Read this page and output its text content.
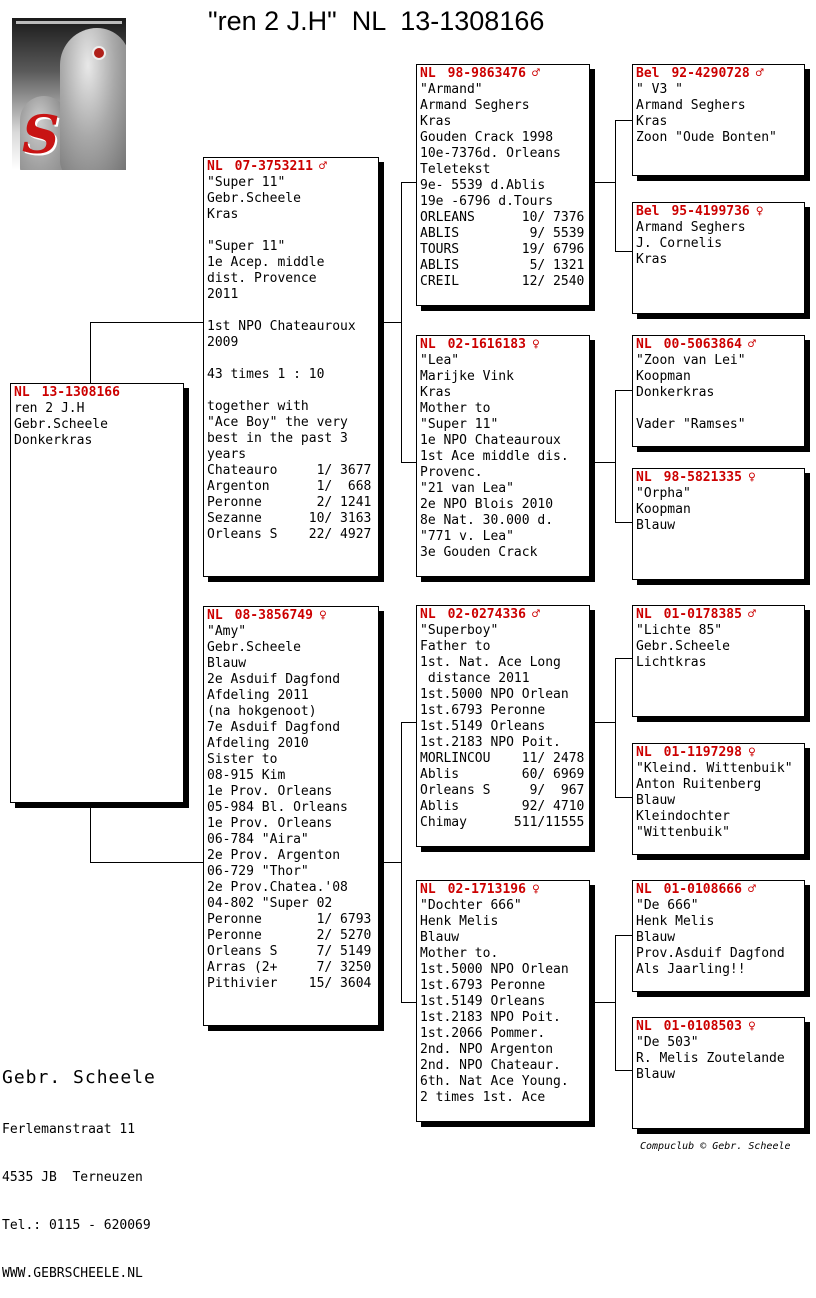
"ren 2 J.H"  NL  13-1308166
S
NL 13-1308166
ren 2 J.H
Gebr.Scheele
Donkerkras
NL 07-3753211 ♂
"Super 11"
Gebr.Scheele
Kras
"Super 11"
1e Acep. middle
dist. Provence
2011
1st NPO Chateauroux
2009
43 times 1 : 10
together with
"Ace Boy" the very
best in the past 3
years
Chateauro     1/ 3677
Argenton      1/  668
Peronne       2/ 1241
Sezanne      10/ 3163
Orleans S    22/ 4927
NL 08-3856749 ♀
"Amy"
Gebr.Scheele
Blauw
2e Asduif Dagfond
Afdeling 2011
(na hokgenoot)
7e Asduif Dagfond
Afdeling 2010
Sister to
08-915 Kim
1e Prov. Orleans
05-984 Bl. Orleans
1e Prov. Orleans
06-784 "Aira"
2e Prov. Argenton
06-729 "Thor"
2e Prov.Chatea.'08
04-802 "Super 02
Peronne       1/ 6793
Peronne       2/ 5270
Orleans S     7/ 5149
Arras (2+     7/ 3250
Pithivier    15/ 3604
NL 98-9863476 ♂
"Armand"
Armand Seghers
Kras
Gouden Crack 1998
10e-7376d. Orleans
Teletekst
9e- 5539 d.Ablis
19e -6796 d.Tours
ORLEANS      10/ 7376
ABLIS         9/ 5539
TOURS        19/ 6796
ABLIS         5/ 1321
CREIL        12/ 2540
NL 02-1616183 ♀
"Lea"
Marijke Vink
Kras
Mother to
"Super 11"
1e NPO Chateauroux
1st Ace middle dis.
Provenc.
"21 van Lea"
2e NPO Blois 2010
8e Nat. 30.000 d.
"771 v. Lea"
3e Gouden Crack
NL 02-0274336 ♂
"Superboy"
Father to
1st. Nat. Ace Long
distance 2011
1st.5000 NPO Orlean
1st.6793 Peronne
1st.5149 Orleans
1st.2183 NPO Poit.
MORLINCOU    11/ 2478
Ablis        60/ 6969
Orleans S     9/  967
Ablis        92/ 4710
Chimay      511/11555
NL 02-1713196 ♀
"Dochter 666"
Henk Melis
Blauw
Mother to.
1st.5000 NPO Orlean
1st.6793 Peronne
1st.5149 Orleans
1st.2183 NPO Poit.
1st.2066 Pommer.
2nd. NPO Argenton
2nd. NPO Chateaur.
6th. Nat Ace Young.
2 times 1st. Ace
Bel 92-4290728 ♂
" V3 "
Armand Seghers
Kras
Zoon "Oude Bonten"
Bel 95-4199736 ♀
Armand Seghers
J. Cornelis
Kras
NL 00-5063864 ♂
"Zoon van Lei"
Koopman
Donkerkras
Vader "Ramses"
NL 98-5821335 ♀
"Orpha"
Koopman
Blauw
NL 01-0178385 ♂
"Lichte 85"
Gebr.Scheele
Lichtkras
NL 01-1197298 ♀
"Kleind. Wittenbuik"
Anton Ruitenberg
Blauw
Kleindochter
"Wittenbuik"
NL 01-0108666 ♂
"De 666"
Henk Melis
Blauw
Prov.Asduif Dagfond
Als Jaarling!!
NL 01-0108503 ♀
"De 503"
R. Melis Zoutelande
Blauw

Gebr. Scheele

Ferlemanstraat 11

4535 JB  Terneuzen

Tel.: 0115 - 620069

WWW.GEBRSCHEELE.NL

Compuclub © Gebr. Scheele
